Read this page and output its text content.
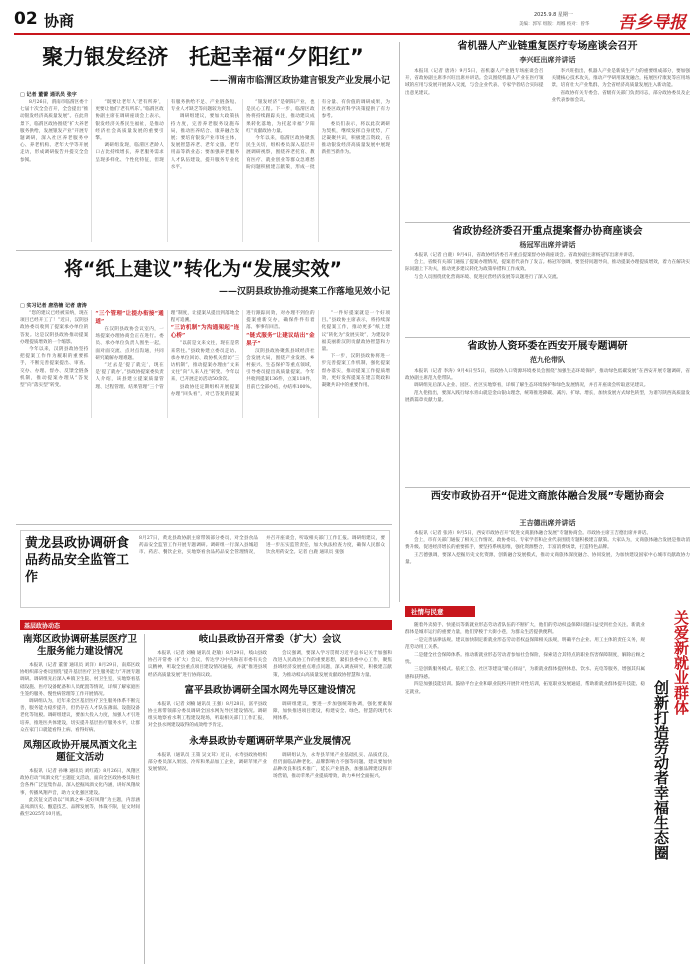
02 协商	2025.9.8 星期一
美编：郭军 组版：周娜 校对：曾华 吾乡导报
聚力银发经济　托起幸福“夕阳红”
——渭南市临渭区政协建言银发产业发展小记
□ 记者 董蕾 通讯员 张宇

8月26日，渭南市临渭区委十七届十次全会召开，全会提出“推动银发经济高质量发展”。在此背景下，临渭区政协围绕“扩大养老服务供给，发展银发产业”开展专题调研，深入社区养老服务中心、养老机构、老年大学等开展走访，形成调研报告并提交全会参阅。

“既要让老年人‘老有所养’，更要让他们‘老有所乐’。”临渭区政协副主席在调研座谈会上表示，银发经济关系民生福祉，是推动经济社会高质量发展的重要引擎。

调研组发现，临渭区老龄人口占比持续增长，养老服务需求呈现多样化、个性化特征，但现有服务供给不足、产业链条短、专业人才缺乏等问题较为突出。

调研组建议，要加大政策扶持力度，完善养老服务设施布局，推动医养结合、康养融合发展；要培育银发产业市场主体，发展智慧养老、老年文旅、老年用品等新业态；要加强养老服务人才队伍建设，提升服务专业化水平。

“银发经济”是朝阳产业，也是民心工程。下一步，临渭区政协将持续跟踪关注，推动建议成果转化落地，为托起幸福“夕阳红”贡献政协力量。

今年以来，临渭区政协聚焦民生关切，组织委员深入基层开展调研视察，围绕养老托育、教育医疗、就业创业等群众急难愁盼问题积极建言献策，形成一批有分量、有价值的调研成果，为区委区政府科学决策提供了有力参考。

委员们表示，将以此次调研为契机，继续发挥自身优势，广泛凝聚共识，积极建言资政，在推动银发经济高质量发展中展现新担当新作为。

将“纸上建议”转化为“发展实效”
——汉阴县政协推动提案工作落地见效小记
□ 实习记者 唐浩楠 记者 唐涛

“您的建议已经被采纳，现在项目已经开工了！”近日，汉阴县政协委员收到了提案承办单位的答复。这是汉阴县政协推动提案办理提质增效的一个缩影。

今年以来，汉阴县政协坚持把提案工作作为履职的重要抓手，不断完善提案提出、审查、交办、办理、督办、反馈全链条机制，推动提案办理从“答复型”向“落实型”转变。

“三个管理”让提办衔接“通道”

在汉阴县政协会议室内，一场提案办理协商会正在进行。委员、承办单位负责人围坐一起，面对面交流、点对点沟通，共同研究破解办理难题。

“过去是‘提了就完’，现在是‘提了就办’。”县政协提案委负责人介绍，该县建立提案质量管理、过程管理、结果管理“三个管理”制度，让提案从提出到落地全程可追溯。

“三访机制”为沟通架起“连心桥”

“以前是文来文往，现在是常来常往。”县政协建立委员走访、承办单位回访、政协机关督访“三访机制”，推动提案办理由“文来文往”向“人来人往”转变。今年以来，已开展走访活动50余次。

县政协还定期组织开展提案办理“回头看”，对已答复的提案进行跟踪问效，对办理不到位的提案重新交办，确保件件有着落、事事有回音。

“链式服务”让建议结出“金果子”

汉阴县政协聚焦县域经济社会发展大局，围绕产业发展、乡村振兴、生态保护等重点领域，引导委员提出高质量提案。今年共收到提案136件，立案118件，目前已全部办结，办结率100%。

“一件好提案就是一个好项目。”县政协主席表示，将持续深化提案工作，推动更多“纸上建议”转化为“发展实效”，为建设幸福美丽新汉阴贡献政协智慧和力量。

下一步，汉阴县政协将进一步完善提案工作机制，强化提案督办落实，推动提案工作提质增效，更好发挥提案在建言资政和凝聚共识中的重要作用。

黄龙县政协调研食品药品安全监管工作
8月27日，黄龙县政协副主席带领部分委员，对全县食品药品安全监管工作开展专题调研。调研组一行深入县城超市、药店、餐饮企业，实地察看食品药品安全管理情况，并召开座谈会，听取相关部门工作汇报。调研组建议，要进一步压实监管责任，加大执法检查力度，确保人民群众饮食用药安全。记者 白鹿 通讯员 张强
基层政协动态
南郑区政协调研基层医疗卫生服务能力建设情况

本报讯（记者 董蕾 通讯员 刘洋）8月29日，南郑区政协组织部分委员围绕“提升基层医疗卫生服务能力”开展专题调研。调研组先后深入乡镇卫生院、村卫生室，实地察看基础设施、医疗设备配备和人员配置等情况，详细了解家庭医生签约服务、慢性病管理等工作开展情况。

调研组认为，近年来全区基层医疗卫生服务体系不断完善，服务能力稳步提升，但仍存在人才队伍薄弱、设施设备老化等短板。调研组建议，要加大投入力度，加强人才引进培养，推进医共体建设，切实提升基层医疗服务水平，让群众在家门口就能看得上病、看得好病。

凤翔区政协开展凤酒文化主题征文活动

本报讯（记者 孙琳 通讯员 刘红霞）8月26日，凤翔区政协启动“凤酒文化”主题征文活动，面向全区政协委员和社会各界广泛征集作品，深入挖掘凤酒文化内涵，讲好凤翔故事，传播凤翔声音，助力文化强区建设。

此次征文活动以“凤酒之乡·美好凤翔”为主题，内容涵盖凤酒历史、酿造技艺、品牌发展等，体裁不限，征文时间截至2025年10月底。

岐山县政协召开常委（扩大）会议

本报讯（记者 刘楠 通讯员 赵敏）8月29日，岐山县政协召开常委（扩大）会议，传达学习中央和省市委有关会议精神，听取全县重点项目建设情况通报，并就“推进县域经济高质量发展”进行协商议政。

会议强调，要深入学习贯彻习近平总书记关于加强和改进人民政协工作的重要思想，紧扣县委中心工作，聚焦县域经济发展重点难点问题，深入调查研究，积极建言献策，为推动岐山高质量发展贡献政协智慧和力量。

富平县政协调研全国水网先导区建设情况

本报讯（记者 刘楠 通讯员 王强）8月28日，富平县政协主席带领部分委员调研全国水网先导区建设情况。调研组实地察看水利工程建设现场，听取相关部门工作汇报，对全县水网建设取得的成效给予肯定。

调研组建议，要进一步加强统筹协调，强化要素保障，加快推进项目建设，构建安全、绿色、智慧的现代水网体系。

永寿县政协专题调研苹果产业发展情况

本报讯（通讯员 王策 吴文茸）近日，永寿县政协组织部分委员深入果园、冷库和果品加工企业，调研苹果产业发展情况。

调研组认为，永寿县苹果产业基础扎实、品质优良，但仍面临品种老化、品牌影响力不强等问题。建议要加快品种改良和技术推广，延长产业链条，加强品牌建设和市场营销，推动苹果产业提质增效，助力乡村全面振兴。

省机器人产业链重复医疗专场座谈会召开
李兴旺出席并讲话

本报讯（记者 唐涛）9月5日，省机器人产业链专场座谈会召开，省政协副主席李兴旺出席并讲话。会议围绕机器人产业在医疗领域的应用与发展开展深入交流，与会企业代表、专家学者结合实际提出意见建议。

李兴旺指出，机器人产业是新质生产力的重要组成部分，要加强关键核心技术攻关，推动产学研用深度融合，拓展医疗康复等应用场景，培育壮大产业集群，为全省经济高质量发展注入新动能。

省政协有关专委会、省级有关部门负责同志，部分政协委员及企业代表参加会议。

省政协经济委召开重点提案督办协商座谈会
杨冠军出席并讲话

本报讯（记者 白鹿）9月4日，省政协经济委召开重点提案督办协商座谈会。省政协副主席杨冠军出席并讲话。

会上，省级有关部门通报了提案办理情况，提案者代表作了发言。杨冠军强调，要坚持问题导向，推动提案办理提质增效，着力在解决实际问题上下功夫，推动更多建议转化为政策举措和工作成效。

与会人员围绕优化营商环境、促进民营经济发展等议题进行了深入交流。

省政协人资环委在西安开展专题调研
范九伦带队

本报讯（记者 李涛）9月4日至5日，省政协人口资源环境委员会围绕“加强生态环境保护，推动绿色低碳发展”在西安开展专题调研，省政协副主席范九伦带队。

调研组先后深入企业、园区、社区实地察看，详细了解生态环境保护和绿色发展情况，并召开座谈会听取意见建议。

范九伦指出，要深入践行绿水青山就是金山银山理念，统筹推进降碳、减污、扩绿、增长，加快发展方式绿色转型，为谱写陕西高质量发展新篇章贡献力量。

西安市政协召开“促进文商旅体融合发展”专题协商会
王吉德出席并讲话

本报讯（记者 张涛）9月5日，西安市政协召开“促进文商旅体融合发展”专题协商会。市政协主席王吉德出席并讲话。

会上，市有关部门通报了相关工作情况，政协委员、专家学者和企业代表围绕专题积极建言献策。大家认为，文商旅体融合发展是推动消费升级、促进经济增长的重要抓手，要坚持系统思维，强化资源整合，丰富消费场景，打造特色品牌。

王吉德强调，要深入挖掘历史文化资源，创新融合发展模式，推动文商旅体深度融合、协同发展，为加快建设国家中心城市贡献政协力量。

社情与民意

随着外卖骑手、快递员等新就业形态劳动者队伍的不断扩大，他们的劳动权益保障问题日益受到社会关注。新就业群体是城市运行的重要力量，他们穿梭于大街小巷，为群众生活提供便利。

一是完善法律法规。建议加快制定新就业形态劳动者权益保障相关法规，明确平台企业、用工主体的责任义务，规范劳动用工关系。

二是健全社会保障体系。推动新就业形态劳动者参加社会保险，探索适合其特点的职业伤害保障制度，解除后顾之忧。

三是创新服务模式。依托工会、社区等建设“暖心驿站”，为新就业群体提供休息、饮水、充电等服务，增强其归属感和获得感。

四是加强技能培训。鼓励平台企业和职业院校开展针对性培训，拓宽职业发展通道，帮助新就业群体提升技能、稳定就业。	关爱新就业群体
创新打造劳动者幸福生态圈
